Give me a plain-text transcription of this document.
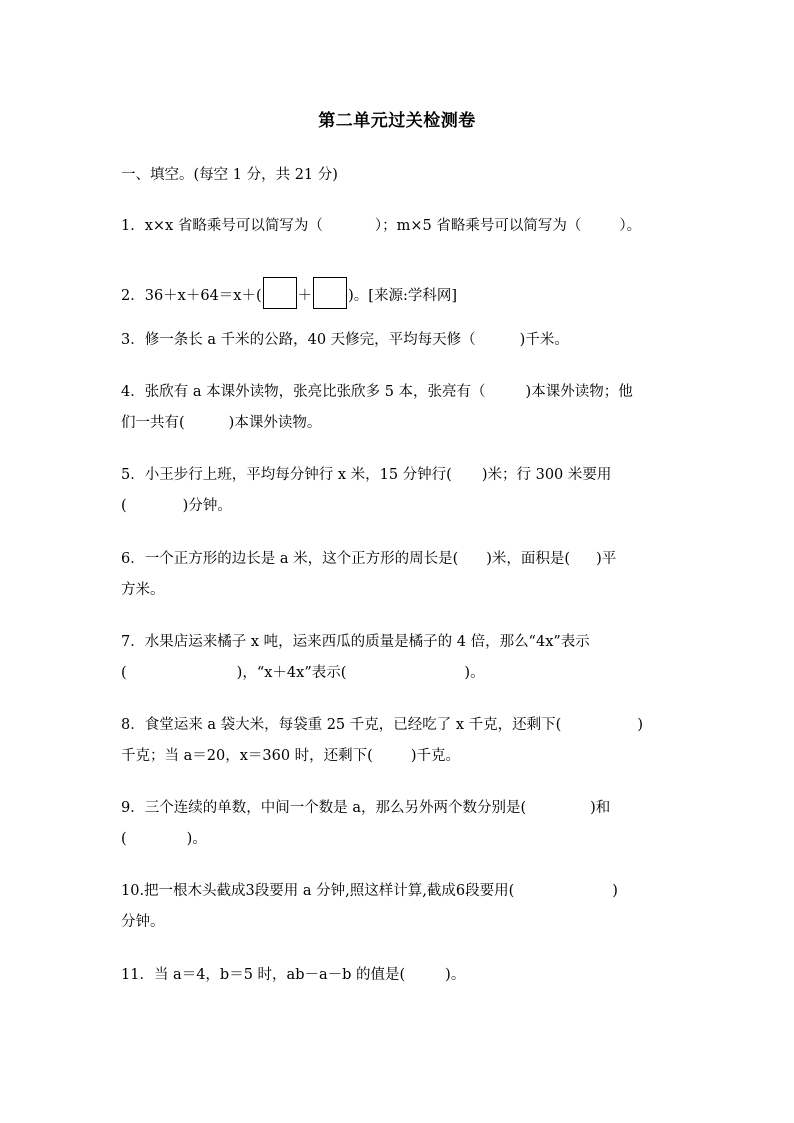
第二单元过关检测卷
一、填空。(每空 1 分，共 21 分)
1．x×x 省略乘号可以简写为（	）；m×5 省略乘号可以简写为（	）。
2．36＋x＋64＝x＋( ＋ )。[来源:学科网]
3．修一条长 a 千米的公路，40 天修完，平均每天修（	)千米。
4．张欣有 a 本课外读物，张亮比张欣多 5 本，张亮有（	)本课外读物；他
们一共有(	)本课外读物。
5．小王步行上班，平均每分钟行 x 米，15 分钟行( )米；行 300 米要用
(	)分钟。
6．一个正方形的边长是 a 米，这个正方形的周长是( )米，面积是( )平
方米。
7．水果店运来橘子 x 吨，运来西瓜的质量是橘子的 4 倍，那么“4x”表示
(	)，“x＋4x”表示(	)。
8．食堂运来 a 袋大米，每袋重 25 千克，已经吃了 x 千克，还剩下(	)
千克；当 a＝20，x＝360 时，还剩下(	)千克。
9．三个连续的单数，中间一个数是 a，那么另外两个数分别是(	)和
(	)。
10.把一根木头截成3段要用 a 分钟,照这样计算,截成6段要用(	)
分钟。
11．当 a＝4，b＝5 时，ab－a－b 的值是(	)。
